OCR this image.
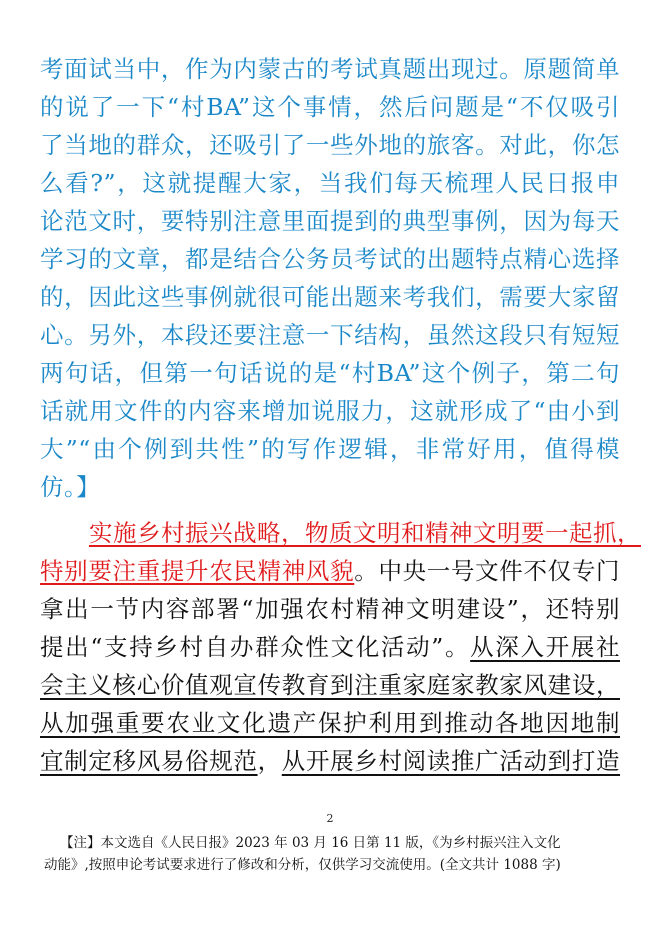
考面试当中，作为内蒙古的考试真题出现过。原题简单
的说了一下“村BA”这个事情，然后问题是“不仅吸引
了当地的群众，还吸引了一些外地的旅客。对此，你怎
么看?”，这就提醒大家，当我们每天梳理人民日报申
论范文时，要特别注意里面提到的典型事例，因为每天
学习的文章，都是结合公务员考试的出题特点精心选择
的，因此这些事例就很可能出题来考我们，需要大家留
心。另外，本段还要注意一下结构，虽然这段只有短短
两句话，但第一句话说的是“村BA”这个例子，第二句
话就用文件的内容来增加说服力，这就形成了“由小到
大”“由个例到共性”的写作逻辑，非常好用，值得模
仿。】
实施乡村振兴战略，物质文明和精神文明要一起抓，
特别要注重提升农民精神风貌。中央一号文件不仅专门
拿出一节内容部署“加强农村精神文明建设”，还特别
提出“支持乡村自办群众性文化活动”。从深入开展社
会主义核心价值观宣传教育到注重家庭家教家风建设，
从加强重要农业文化遗产保护利用到推动各地因地制
宜制定移风易俗规范，从开展乡村阅读推广活动到打造
2
【注】本文选自《人民日报》2023 年 03 月 16 日第 11 版，《为乡村振兴注入文化
动能》,按照申论考试要求进行了修改和分析，仅供学习交流使用。(全文共计 1088 字)
